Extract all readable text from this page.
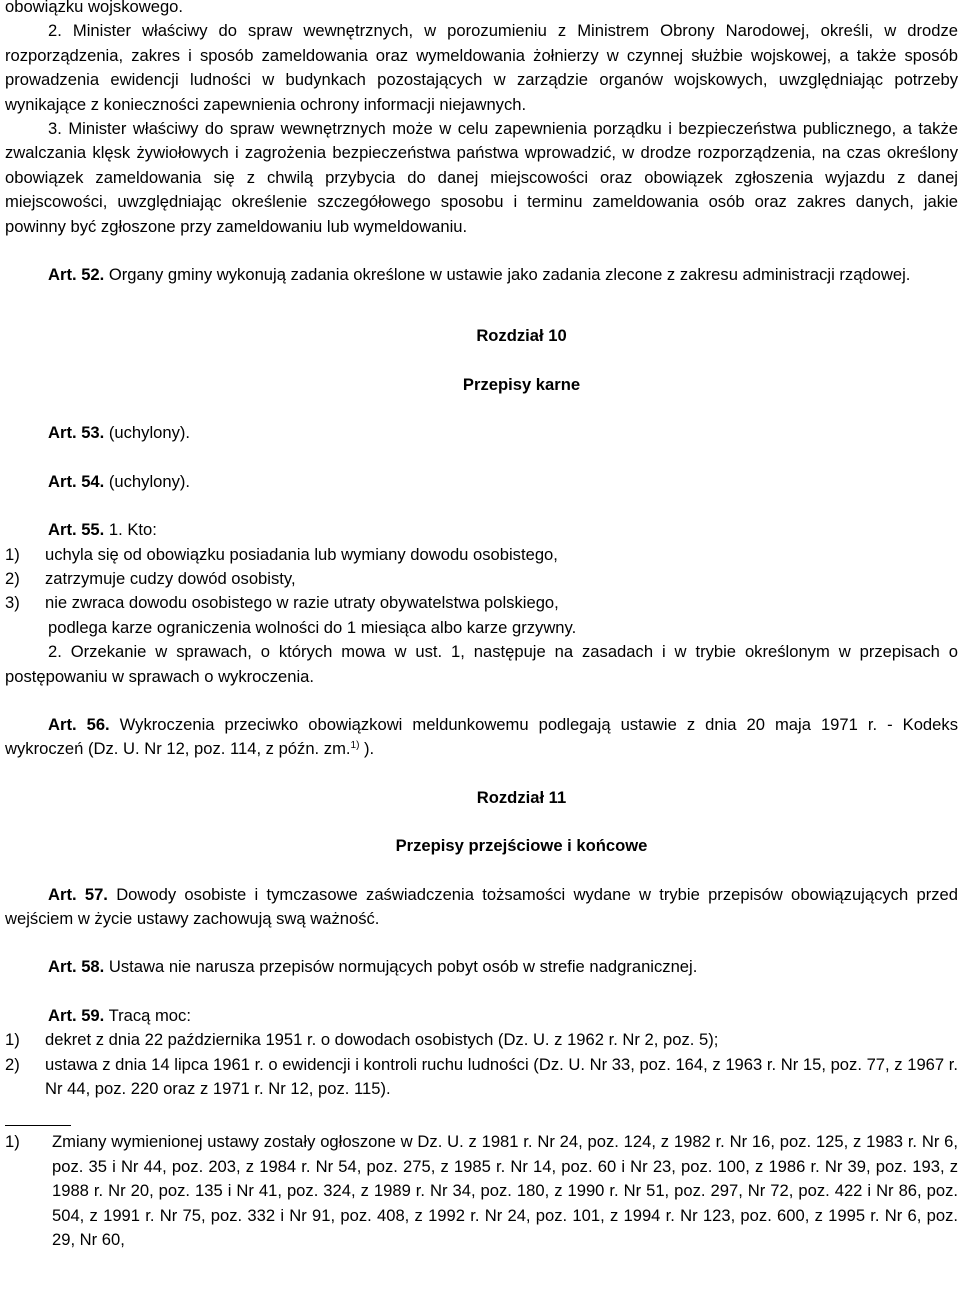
obowiązku wojskowego.

2. Minister właściwy do spraw wewnętrznych, w porozumieniu z Ministrem Obrony Narodowej, określi, w drodze rozporządzenia, zakres i sposób zameldowania oraz wymeldowania żołnierzy w czynnej służbie wojskowej, a także sposób prowadzenia ewidencji ludności w budynkach pozostających w zarządzie organów wojskowych, uwzględniając potrzeby wynikające z konieczności zapewnienia ochrony informacji niejawnych.

3. Minister właściwy do spraw wewnętrznych może w celu zapewnienia porządku i bezpieczeństwa publicznego, a także zwalczania klęsk żywiołowych i zagrożenia bezpieczeństwa państwa wprowadzić, w drodze rozporządzenia, na czas określony obowiązek zameldowania się z chwilą przybycia do danej miejscowości oraz obowiązek zgłoszenia wyjazdu z danej miejscowości, uwzględniając określenie szczegółowego sposobu i terminu zameldowania osób oraz zakres danych, jakie powinny być zgłoszone przy zameldowaniu lub wymeldowaniu.

Art. 52. Organy gminy wykonują zadania określone w ustawie jako zadania zlecone z zakresu administracji rządowej.

Rozdział 10

Przepisy karne

Art. 53. (uchylony).

Art. 54. (uchylony).

Art. 55. 1. Kto:

1)	uchyla się od obowiązku posiadania lub wymiany dowodu osobistego,
2)	zatrzymuje cudzy dowód osobisty,
3)	nie zwraca dowodu osobistego w razie utraty obywatelstwa polskiego,

podlega karze ograniczenia wolności do 1 miesiąca albo karze grzywny.

2. Orzekanie w sprawach, o których mowa w ust. 1, następuje na zasadach i w trybie określonym w przepisach o postępowaniu w sprawach o wykroczenia.

Art. 56. Wykroczenia przeciwko obowiązkowi meldunkowemu podlegają ustawie z dnia 20 maja 1971 r. - Kodeks wykroczeń (Dz. U. Nr 12, poz. 114, z późn. zm.$^{1)}$ ).

Rozdział 11

Przepisy przejściowe i końcowe

Art. 57. Dowody osobiste i tymczasowe zaświadczenia tożsamości wydane w trybie przepisów obowiązujących przed wejściem w życie ustawy zachowują swą ważność.

Art. 58. Ustawa nie narusza przepisów normujących pobyt osób w strefie nadgranicznej.

Art. 59. Tracą moc:

1)	dekret z dnia 22 października 1951 r. o dowodach osobistych (Dz. U. z 1962 r. Nr 2, poz. 5);
2)	ustawa z dnia 14 lipca 1961 r. o ewidencji i kontroli ruchu ludności (Dz. U. Nr 33, poz. 164, z 1963 r. Nr 15, poz. 77, z 1967 r. Nr 44, poz. 220 oraz z 1971 r. Nr 12, poz. 115).
1)	Zmiany wymienionej ustawy zostały ogłoszone w Dz. U. z 1981 r. Nr 24, poz. 124, z 1982 r. Nr 16, poz. 125, z 1983 r. Nr 6, poz. 35 i Nr 44, poz. 203, z 1984 r. Nr 54, poz. 275, z 1985 r. Nr 14, poz. 60 i Nr 23, poz. 100, z 1986 r. Nr 39, poz. 193, z 1988 r. Nr 20, poz. 135 i Nr 41, poz. 324, z 1989 r. Nr 34, poz. 180, z 1990 r. Nr 51, poz. 297, Nr 72, poz. 422 i Nr 86, poz. 504, z 1991 r. Nr 75, poz. 332 i Nr 91, poz. 408, z 1992 r. Nr 24, poz. 101, z 1994 r. Nr 123, poz. 600, z 1995 r. Nr 6, poz. 29, Nr 60,
